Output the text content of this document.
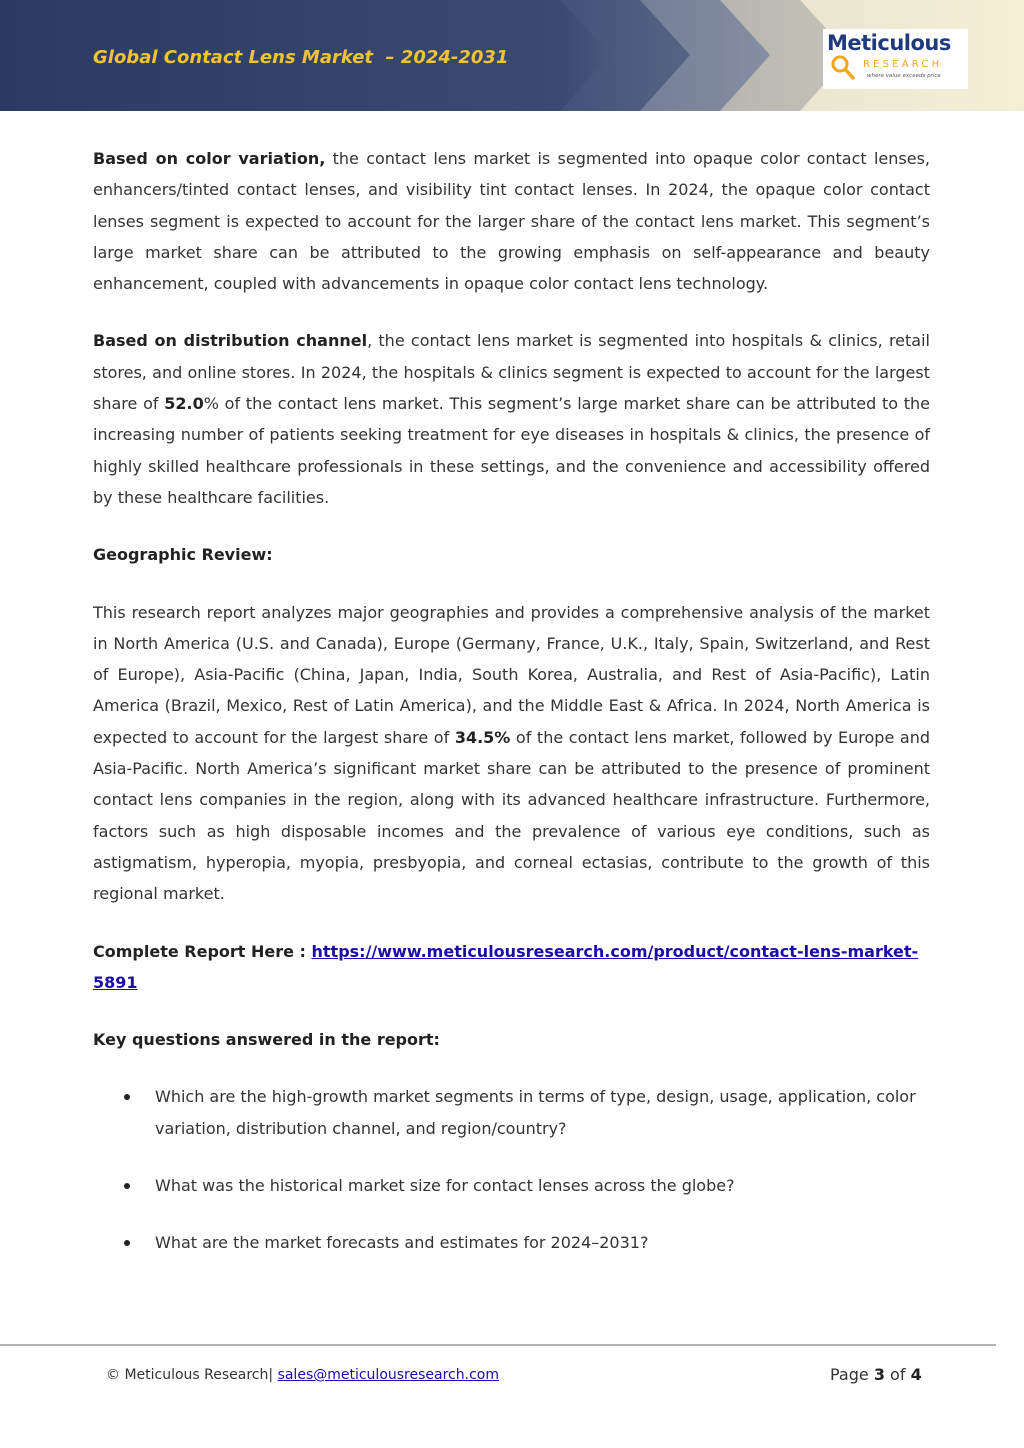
Global Contact Lens Market  – 2024-2031
Meticulous
RESEARCH
where value exceeds price

Based on color variation, the contact lens market is segmented into opaque color contact lenses, enhancers/tinted contact lenses, and visibility tint contact lenses. In 2024, the opaque color contact lenses segment is expected to account for the larger share of the contact lens market. This segment’s large market share can be attributed to the growing emphasis on self-appearance and beauty enhancement, coupled with advancements in opaque color contact lens technology.

Based on distribution channel, the contact lens market is segmented into hospitals & clinics, retail stores, and online stores. In 2024, the hospitals & clinics segment is expected to account for the largest share of 52.0% of the contact lens market. This segment’s large market share can be attributed to the increasing number of patients seeking treatment for eye diseases in hospitals & clinics, the presence of highly skilled healthcare professionals in these settings, and the convenience and accessibility offered by these healthcare facilities.

Geographic Review:

This research report analyzes major geographies and provides a comprehensive analysis of the market in North America (U.S. and Canada), Europe (Germany, France, U.K., Italy, Spain, Switzerland, and Rest of Europe), Asia-Pacific (China, Japan, India, South Korea, Australia, and Rest of Asia-Pacific), Latin America (Brazil, Mexico, Rest of Latin America), and the Middle East & Africa. In 2024, North America is expected to account for the largest share of 34.5% of the contact lens market, followed by Europe and Asia-Pacific. North America’s significant market share can be attributed to the presence of prominent contact lens companies in the region, along with its advanced healthcare infrastructure. Furthermore, factors such as high disposable incomes and the prevalence of various eye conditions, such as astigmatism, hyperopia, myopia, presbyopia, and corneal ectasias, contribute to the growth of this regional market.

Complete Report Here : https://www.meticulousresearch.com/product/contact-lens-market-5891

Key questions answered in the report:
Which are the high-growth market segments in terms of type, design, usage, application, color variation, distribution channel, and region/country?
What was the historical market size for contact lenses across the globe?
What are the market forecasts and estimates for 2024–2031?
© Meticulous Research| sales@meticulousresearch.com	Page 3 of 4
